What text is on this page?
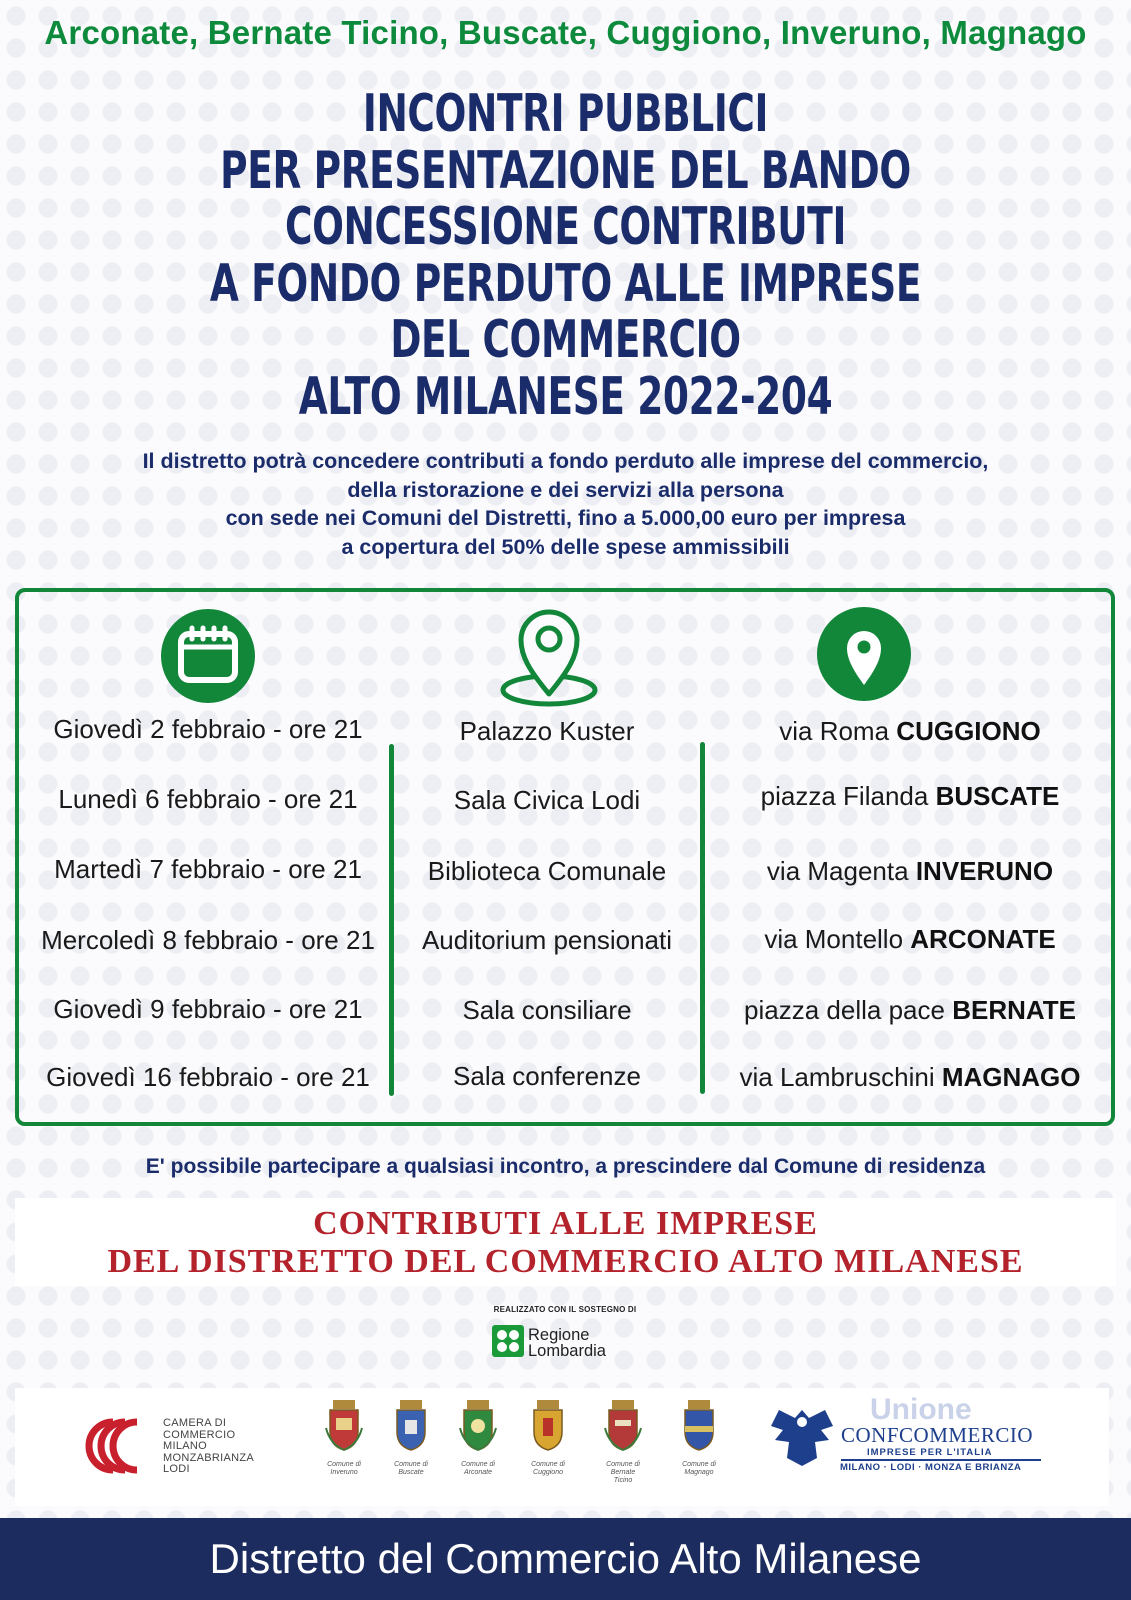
Arconate, Bernate Ticino, Buscate, Cuggiono, Inveruno, Magnago
INCONTRI PUBBLICI
PER PRESENTAZIONE DEL BANDO
CONCESSIONE CONTRIBUTI
A FONDO PERDUTO ALLE IMPRESE
DEL COMMERCIO
ALTO MILANESE 2022-204
Il distretto potrà concedere contributi a fondo perduto alle imprese del commercio,
della ristorazione e dei servizi alla persona
con sede nei Comuni del Distretti, fino a 5.000,00 euro per impresa
a copertura del 50% delle spese ammissibili
Giovedì 2 febbraio - ore 21
Lunedì 6 febbraio - ore 21
Martedì 7 febbraio - ore 21
Mercoledì 8 febbraio - ore 21
Giovedì 9 febbraio - ore 21
Giovedì 16 febbraio - ore 21
Palazzo Kuster
Sala Civica Lodi
Biblioteca Comunale
Auditorium pensionati
Sala consiliare
Sala conferenze
via Roma CUGGIONO
piazza Filanda BUSCATE
via Magenta INVERUNO
via Montello ARCONATE
piazza della pace BERNATE
via Lambruschini MAGNAGO
E' possibile partecipare a qualsiasi incontro, a prescindere dal Comune di residenza
CONTRIBUTI ALLE IMPRESE
DEL DISTRETTO DEL COMMERCIO ALTO MILANESE
REALIZZATO CON IL SOSTEGNO DI
Regione
Lombardia
CAMERA DI
COMMERCIO
MILANO
MONZABRIANZA
LODI	Comune di
Inveruno
Comune di
Buscate
Comune di
Arconate
Comune di
Cuggiono
Comune di Bernate
Ticino
Comune di
Magnago
Unione
CONFCOMMERCIO
IMPRESE PER L'ITALIA
MILANO · LODI · MONZA E BRIANZA
Distretto del Commercio Alto Milanese
